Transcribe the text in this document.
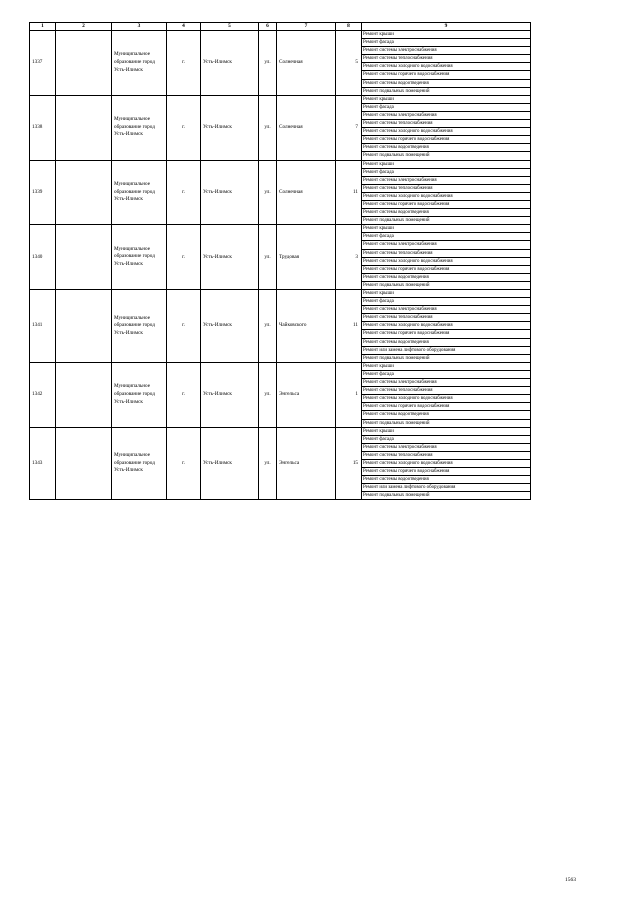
1	2	3	4	5	6	7	8	9
1337		Муниципальное образование город Усть-Илимск	г.	Усть-Илимск	ул.	Солнечная	5	Ремонт крыши
								Ремонт фасада
								Ремонт системы электроснабжения
								Ремонт системы теплоснабжения
								Ремонт системы холодного водоснабжения
								Ремонт системы горячего водоснабжения
								Ремонт системы водоотведения
								Ремонт подвальных помещений
1338		Муниципальное образование город Усть-Илимск	г.	Усть-Илимск	ул.	Солнечная	7	Ремонт крыши
								Ремонт фасада
								Ремонт системы электроснабжения
								Ремонт системы теплоснабжения
								Ремонт системы холодного водоснабжения
								Ремонт системы горячего водоснабжения
								Ремонт системы водоотведения
								Ремонт подвальных помещений
1339		Муниципальное образование город Усть-Илимск	г.	Усть-Илимск	ул.	Солнечная	11	Ремонт крыши
								Ремонт фасада
								Ремонт системы электроснабжения
								Ремонт системы теплоснабжения
								Ремонт системы холодного водоснабжения
								Ремонт системы горячего водоснабжения
								Ремонт системы водоотведения
								Ремонт подвальных помещений
1340		Муниципальное образование город Усть-Илимск	г.	Усть-Илимск	ул.	Трудовая	3	Ремонт крыши
								Ремонт фасада
								Ремонт системы электроснабжения
								Ремонт системы теплоснабжения
								Ремонт системы холодного водоснабжения
								Ремонт системы горячего водоснабжения
								Ремонт системы водоотведения
								Ремонт подвальных помещений
1341		Муниципальное образование город Усть-Илимск	г.	Усть-Илимск	ул.	Чайковского	11	Ремонт крыши
								Ремонт фасада
								Ремонт системы электроснабжения
								Ремонт системы теплоснабжения
								Ремонт системы холодного водоснабжения
								Ремонт системы горячего водоснабжения
								Ремонт системы водоотведения
								Ремонт или замена лифтового оборудования
								Ремонт подвальных помещений
1342		Муниципальное образование город Усть-Илимск	г.	Усть-Илимск	ул.	Энгельса	1	Ремонт крыши
								Ремонт фасада
								Ремонт системы электроснабжения
								Ремонт системы теплоснабжения
								Ремонт системы холодного водоснабжения
								Ремонт системы горячего водоснабжения
								Ремонт системы водоотведения
								Ремонт подвальных помещений
1343		Муниципальное образование город Усть-Илимск	г.	Усть-Илимск	ул.	Энгельса	15	Ремонт крыши
								Ремонт фасада
								Ремонт системы электроснабжения
								Ремонт системы теплоснабжения
								Ремонт системы холодного водоснабжения
								Ремонт системы горячего водоснабжения
								Ремонт системы водоотведения
								Ремонт или замена лифтового оборудования
								Ремонт подвальных помещений
1563
